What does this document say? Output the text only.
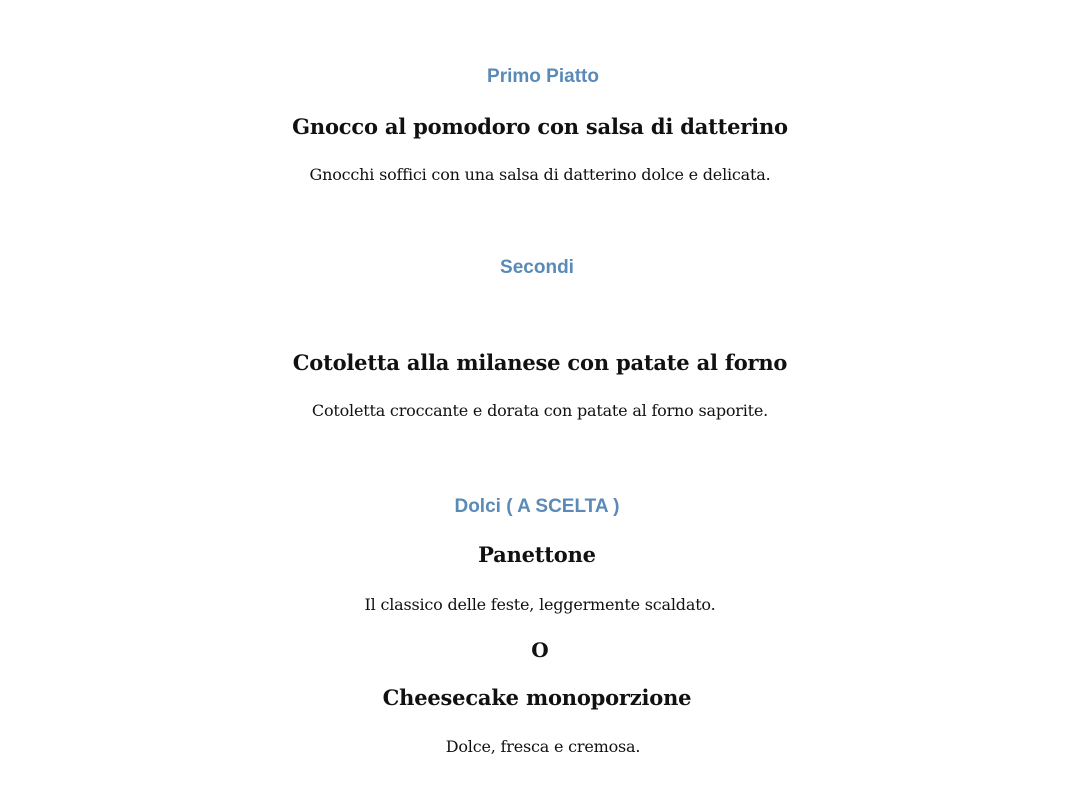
Primo Piatto
Gnocco al pomodoro con salsa di datterino
Gnocchi soffici con una salsa di datterino dolce e delicata.
Secondi
Cotoletta alla milanese con patate al forno
Cotoletta croccante e dorata con patate al forno saporite.
Dolci ( A SCELTA )
Panettone
Il classico delle feste, leggermente scaldato.
O
Cheesecake monoporzione
Dolce, fresca e cremosa.
